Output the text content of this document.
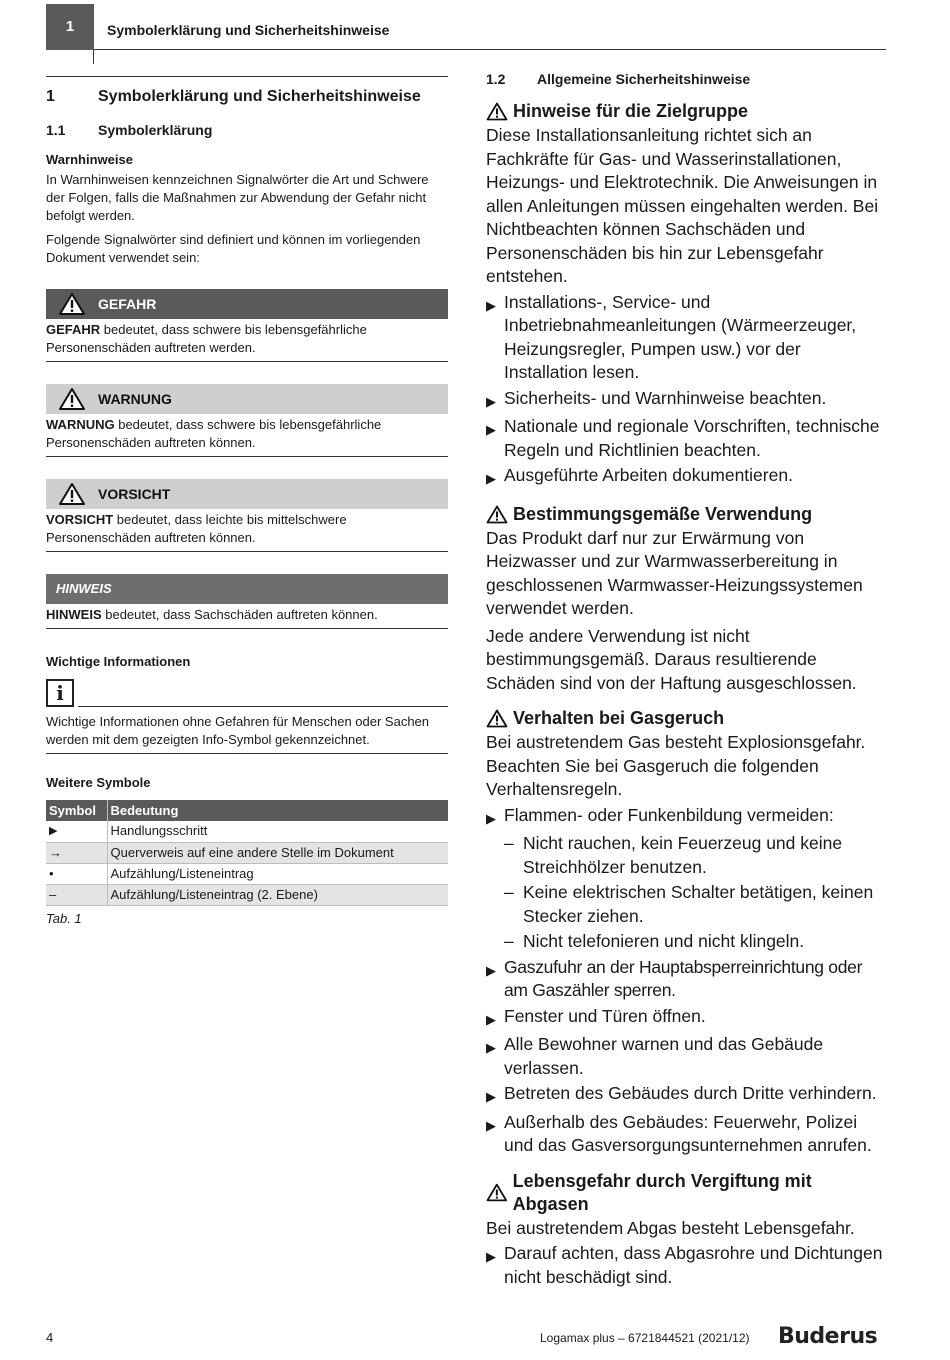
1	Symbolerklärung und Sicherheitshinweise
1	Symbolerklärung und Sicherheitshinweise
1.1	Symbolerklärung
Warnhinweise
In Warnhinweisen kennzeichnen Signalwörter die Art und Schwere der Folgen, falls die Maßnahmen zur Abwendung der Gefahr nicht befolgt werden.
Folgende Signalwörter sind definiert und können im vorliegenden Dokument verwendet sein:
GEFAHR
GEFAHR bedeutet, dass schwere bis lebensgefährliche Personenschäden auftreten werden.
WARNUNG
WARNUNG bedeutet, dass schwere bis lebensgefährliche Personenschäden auftreten können.
VORSICHT
VORSICHT bedeutet, dass leichte bis mittelschwere Personenschäden auftreten können.
HINWEIS
HINWEIS bedeutet, dass Sachschäden auftreten können.
Wichtige Informationen
i
Wichtige Informationen ohne Gefahren für Menschen oder Sachen werden mit dem gezeigten Info-Symbol gekennzeichnet.
Weitere Symbole
Symbol	Bedeutung
▶	Handlungsschritt
→	Querverweis auf eine andere Stelle im Dokument
•	Aufzählung/Listeneintrag
–	Aufzählung/Listeneintrag (2. Ebene)
Tab. 1
1.2	Allgemeine Sicherheitshinweise
Hinweise für die Zielgruppe
Diese Installationsanleitung richtet sich an Fachkräfte für Gas- und Wasserinstallationen, Heizungs- und Elektrotechnik. Die Anweisungen in allen Anleitungen müssen eingehalten werden. Bei Nichtbeachten können Sachschäden und Personenschäden bis hin zur Lebensgefahr entstehen.
▶ Installations-, Service- und Inbetriebnahmeanleitungen (Wärmeerzeuger, Heizungsregler, Pumpen usw.) vor der Installation lesen.
▶ Sicherheits- und Warnhinweise beachten.
▶ Nationale und regionale Vorschriften, technische Regeln und Richtlinien beachten.
▶ Ausgeführte Arbeiten dokumentieren.
Bestimmungsgemäße Verwendung
Das Produkt darf nur zur Erwärmung von Heizwasser und zur Warmwasserbereitung in geschlossenen Warmwasser-Heizungssystemen verwendet werden.
Jede andere Verwendung ist nicht bestimmungsgemäß. Daraus resultierende Schäden sind von der Haftung ausgeschlossen.
Verhalten bei Gasgeruch
Bei austretendem Gas besteht Explosionsgefahr. Beachten Sie bei Gasgeruch die folgenden Verhaltensregeln.
▶ Flammen- oder Funkenbildung vermeiden:
– Nicht rauchen, kein Feuerzeug und keine Streichhölzer benutzen.
– Keine elektrischen Schalter betätigen, keinen Stecker ziehen.
– Nicht telefonieren und nicht klingeln.
▶ Gaszufuhr an der Hauptabsperreinrichtung oder am Gaszähler sperren.
▶ Fenster und Türen öffnen.
▶ Alle Bewohner warnen und das Gebäude verlassen.
▶ Betreten des Gebäudes durch Dritte verhindern.
▶ Außerhalb des Gebäudes: Feuerwehr, Polizei und das Gasversorgungsunternehmen anrufen.
Lebensgefahr durch Vergiftung mit Abgasen
Bei austretendem Abgas besteht Lebensgefahr.
▶ Darauf achten, dass Abgasrohre und Dichtungen nicht beschädigt sind.
4	Logamax plus – 6721844521 (2021/12) Buderus
